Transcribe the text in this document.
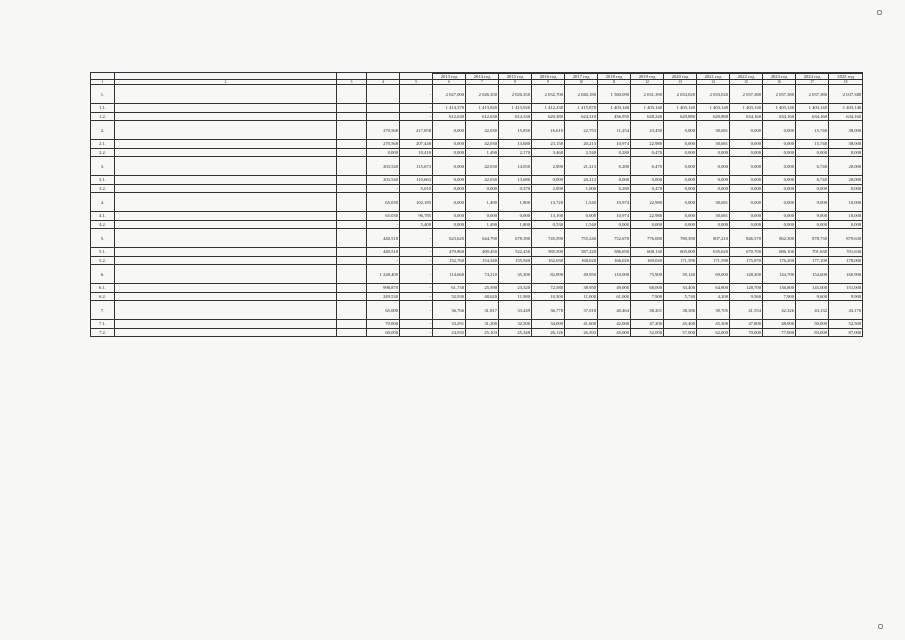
					2013 год	2014 год	2015 год	2016 год	2017 год	2018 год	2019 год	2020 год	2021 год	2022 год	2023 год	2024 год	2025 год
1	2	3	4	5	6	7	8	9	10	11	12	13	14	15	16	17	18
1.				-	2 027,000	2 026,350	2 026,350	2 032,700	2 040,180	1 560,090	2 031,390	2 033,020	2 033,020	2 037,380	2 037,380	2 037,380	2 037,380
1.1.				-	1 414,370	1 413,920	1 413,920	1 412,230	1 415,870	1 403,140	1 403,140	1 403,140	1 403,140	1 403,140	1 403,140	1 403,140	1 403,140
1.2.				-	612,630	612,630	614,330	620,380	624,310	456,950	628,240	629,880	629,880	634,160	634,160	634,160	634,160
2.			270,568	217,858	0,000	42,030	15,850	16,610	22,753	11,254	23,450	0,000	30,681	0,000	0,000	15,740	38,000
2.1.			270,568	207,448	0,000	42,030	13,680	23,150	20,213	10,974	22,980	0,000	30,681	0,000	0,000	15,740	38,000
2.2.			0,000	10,410	0,000	1,490	2,170	3,460	2,540	0,280	0,470	0,000	0,000	0,000	0,000	0,000	0,000
3.			203,540	115,673	0,000	42,030	14,050	2,890	21,213	0,280	0,470	0,000	0,000	0,000	0,000	6,740	28,000
3.1.			203,540	110,663	0,000	42,030	13,680	0,000	20,213	0,000	0,000	0,000	0,000	0,000	0,000	6,740	28,000
3.2.			-	5,010	0,000	0,000	0,370	2,890	1,000	0,280	0,470	0,000	0,000	0,000	0,000	0,000	0,000
4.			65,030	102,185	0,000	1,490	1,800	13,720	1,540	10,974	22,980	0,000	30,681	0,000	0,000	9,000	10,000
4.1.			65,030	96,785	0,000	0,000	0,000	13,190	0,000	10,974	22,980	0,000	30,681	0,000	0,000	9,000	10,000
4.2.			-	5,400	0,000	1,490	1,800	0,530	1,540	0,000	0,000	0,000	0,000	0,000	0,000	0,000	0,000
5.			440,518	-	623,620	644,790	678,390	745,590	755,240	752,670	776,080	780,390	807,210	846,570	862,300	878,730	879,630
5.1.			440,518	-	470,860	490,450	522,450	585,500	587,220	586,650	608,130	605,000	635,620	670,700	686,100	701,630	701,630
5.2.			-	-	152,760	154,340	155,940	162,030	168,020	166,020	169,030	171,590	171,590	175,870	176,200	177,100	178,000
6.			1 248,400	-	114,660	74,210	35,300	82,890	49,950	110,000	75,900	39,140	69,000	128,200	144,700	154,600	160,900
6.1.			998,870	-	61,730	25,590	23,320	72,580	38,950	49,000	68,000	33,400	64,800	128,700	136,800	145,000	151,000
6.2.			249,530	-	52,930	48,620	11,980	10,300	11,000	61,000	7,900	5,740	4,200	9,560	7,900	9,600	9,900
7.			65,000	-	36,766	31,817	33,449	36,778	37,018	40,464	38,201	38,386	39,705	41,554	42,326	43,132	43,176
7.1.			70,000	-	33,291	31,200	32,500	34,000	41,600	42,000	47,200	45,400	45,300	47,800	48,900	50,000	52,500
7.2.			60,000	-	24,935	25,103	25,348	26,126	26,393	45,000	52,000	57,000	62,000	70,000	77,000	83,000	87,000
